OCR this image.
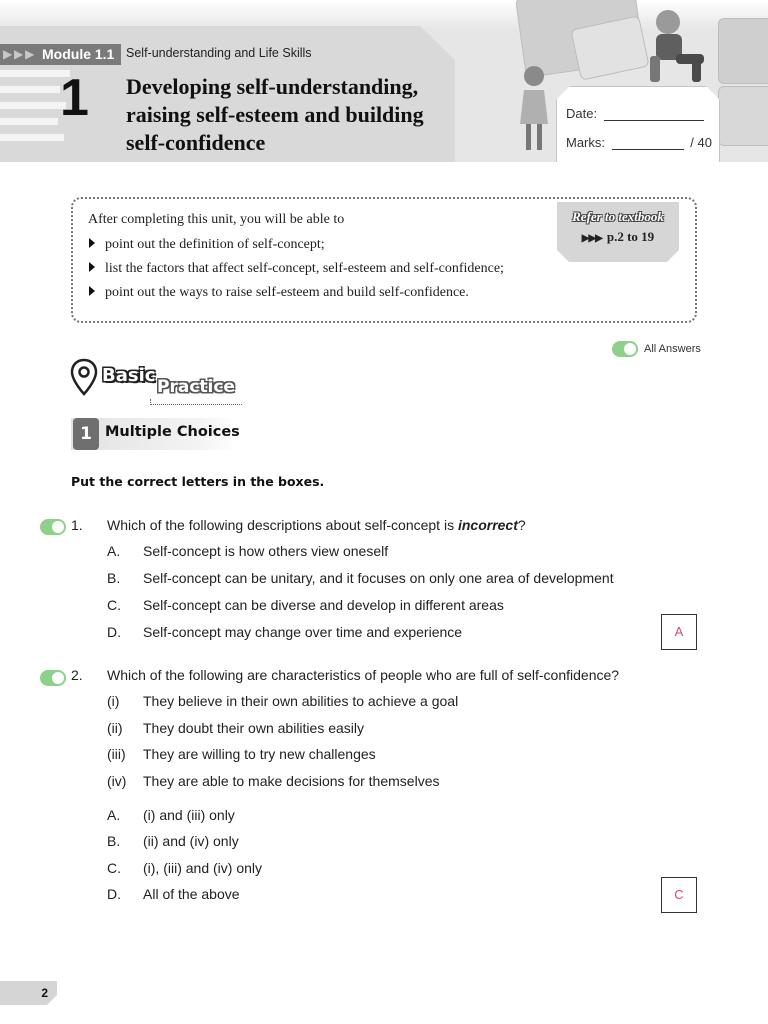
▶ ▶ ▶ Module 1.1 Self-understanding and Life Skills
1 Developing self-understanding, raising self-esteem and building self-confidence
Date:
Marks:	/ 40
After completing this unit, you will be able to
point out the definition of self-concept;
list the factors that affect self-concept, self-esteem and self-confidence;
point out the ways to raise self-esteem and build self-confidence.
Refer to textbook
▶▶▶ p.2 to 19
All Answers
Basic
Practice
1 Multiple Choices
Put the correct letters in the boxes.
1. Which of the following descriptions about self-concept is incorrect?
A. Self-concept is how others view oneself
B. Self-concept can be unitary, and it focuses on only one area of development
C. Self-concept can be diverse and develop in different areas
D. Self-concept may change over time and experience	A
2. Which of the following are characteristics of people who are full of self-confidence?
(i) They believe in their own abilities to achieve a goal
(ii) They doubt their own abilities easily
(iii) They are willing to try new challenges
(iv) They are able to make decisions for themselves
A. (i) and (iii) only
B. (ii) and (iv) only
C. (i), (iii) and (iv) only
D. All of the above	C
2
